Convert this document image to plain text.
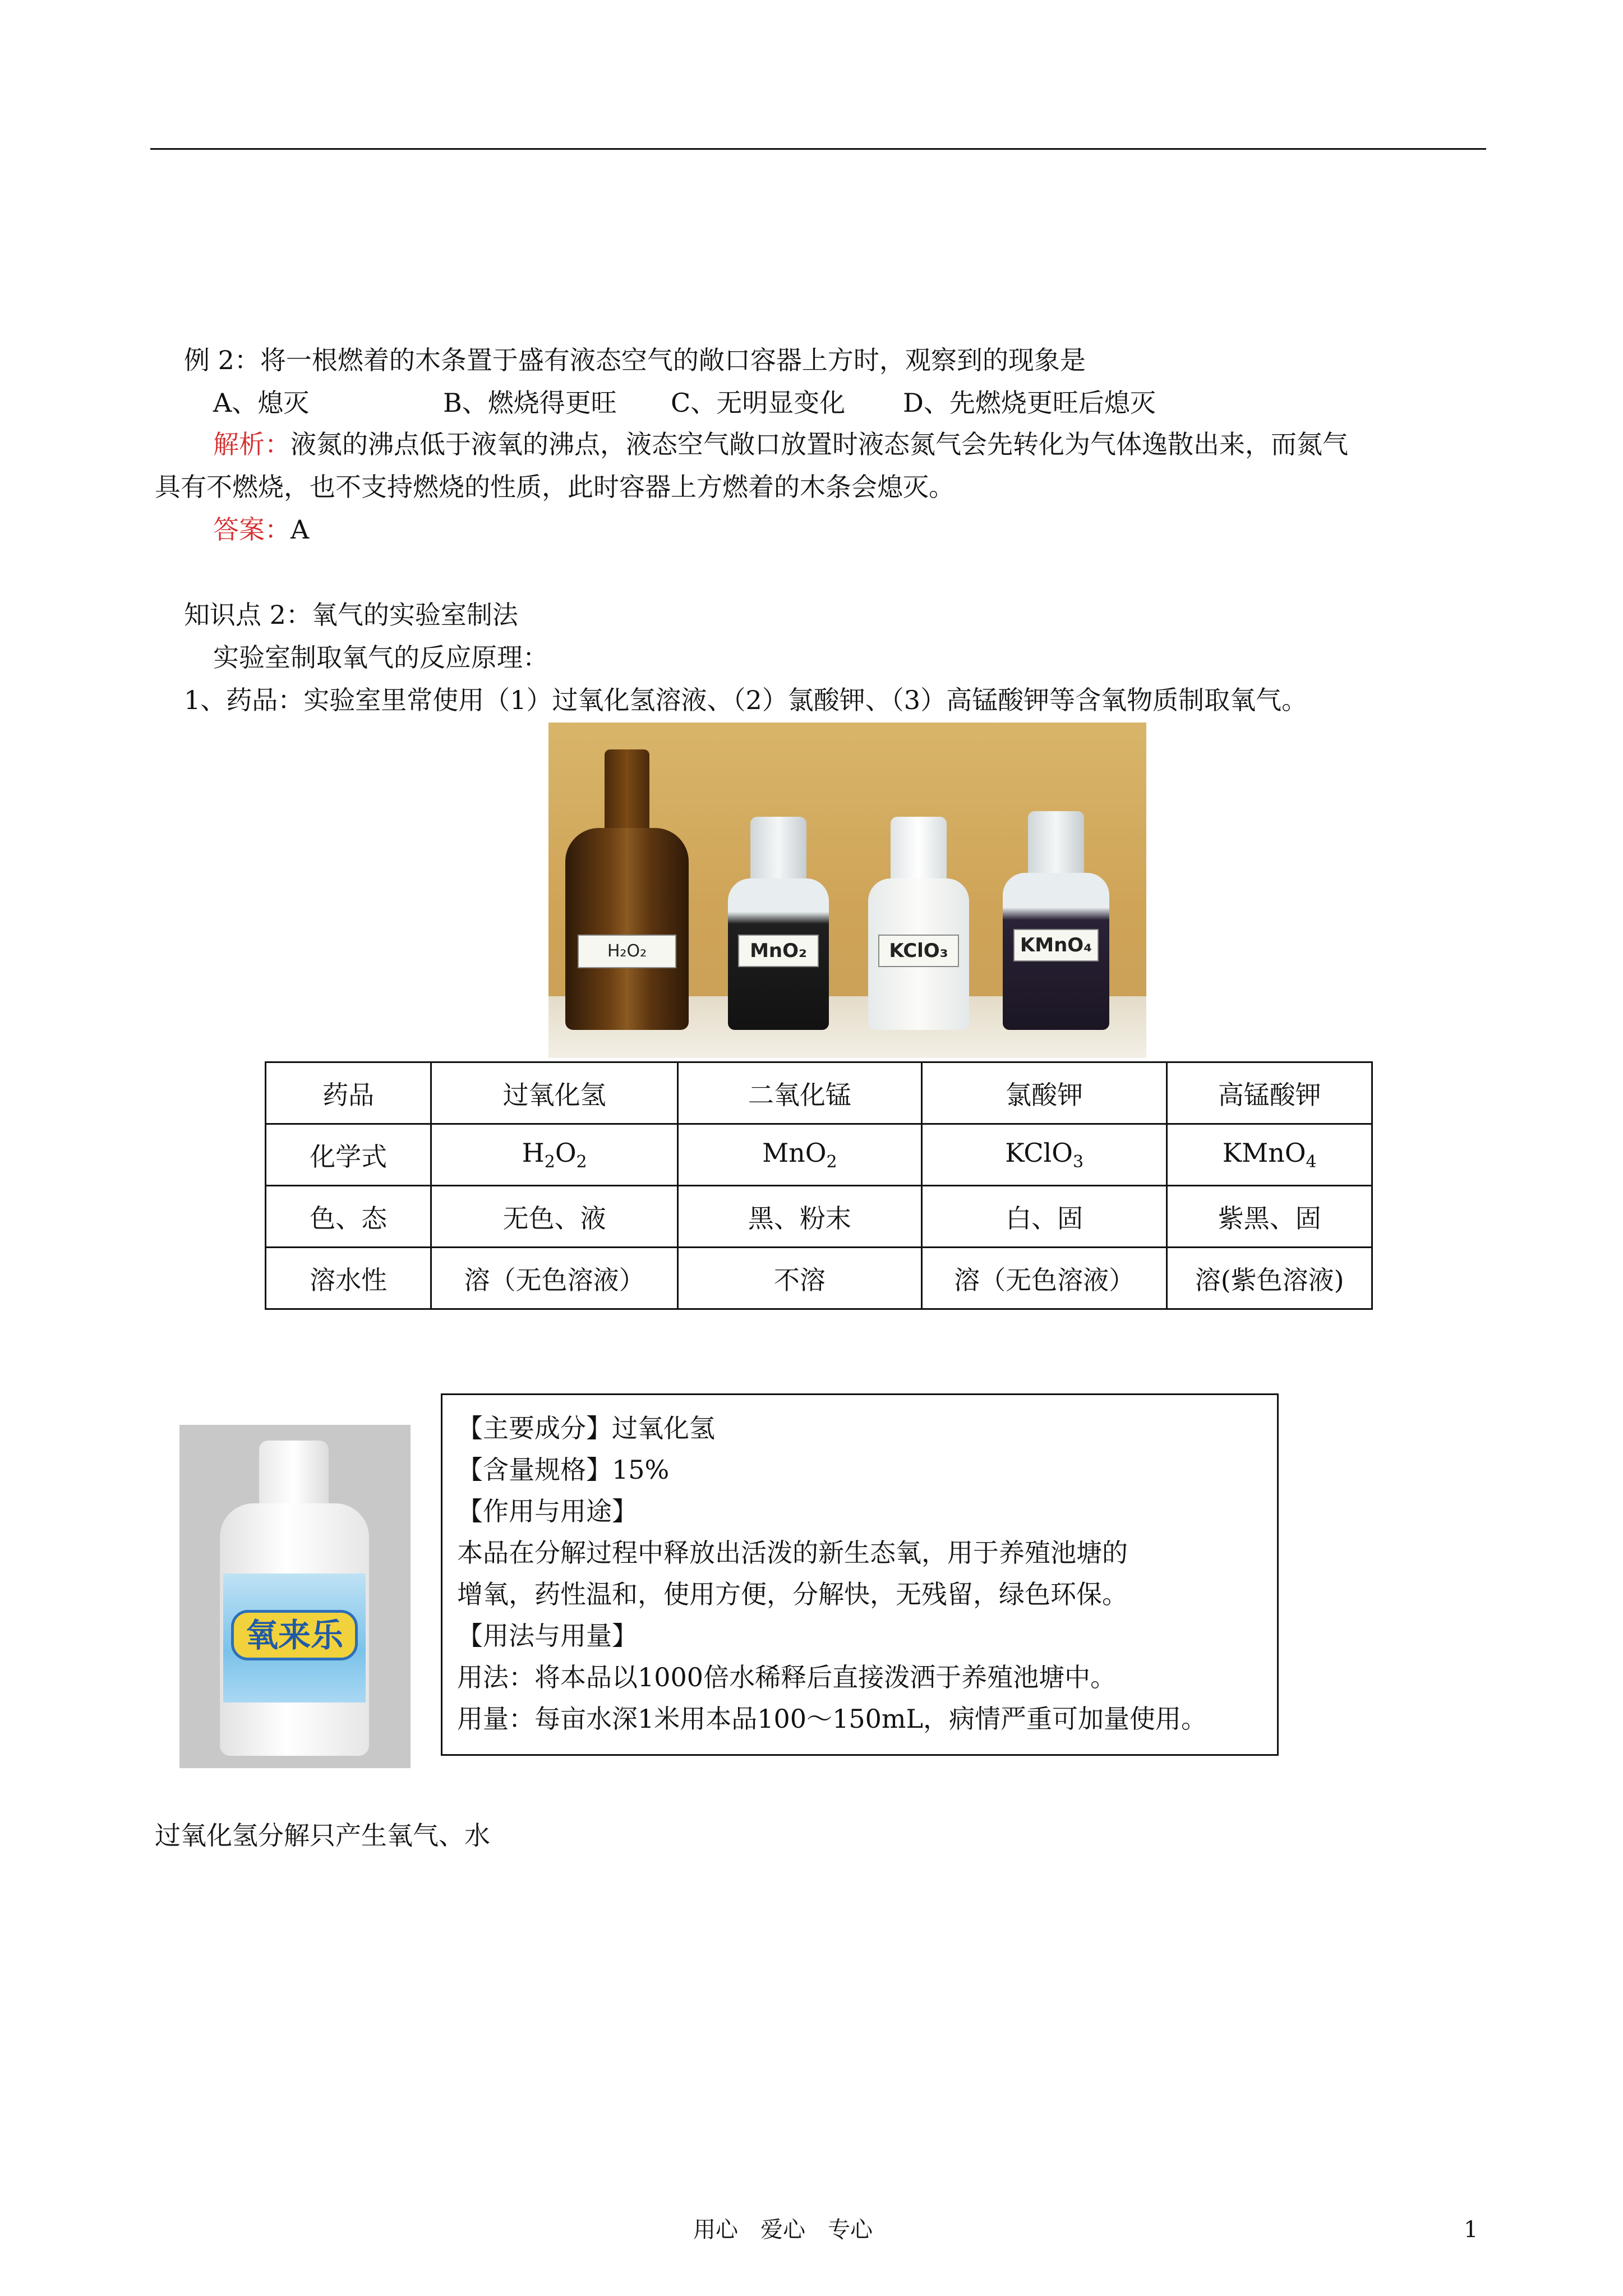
例 2：将一根燃着的木条置于盛有液态空气的敞口容器上方时，观察到的现象是
A、熄灭	B、燃烧得更旺 C、无明显变化 D、先燃烧更旺后熄灭
解析：液氮的沸点低于液氧的沸点，液态空气敞口放置时液态氮气会先转化为气体逸散出来，而氮气
具有不燃烧，也不支持燃烧的性质，此时容器上方燃着的木条会熄灭。
答案：A
知识点 2：氧气的实验室制法
实验室制取氧气的反应原理：
1、药品：实验室里常使用（1）过氧化氢溶液、（2）氯酸钾、（3）高锰酸钾等含氧物质制取氧气。
H₂O₂	MnO₂	KClO₃	KMnO₄
药品	过氧化氢	二氧化锰	氯酸钾	高锰酸钾
化学式	$H_2O_2$	MnO$_2$	KClO$_3$	KMnO$_4$
色、态	无色、液	黑、粉末	白、固	紫黑、固
溶水性	溶（无色溶液）	不溶	溶（无色溶液）	溶(紫色溶液)
氧来乐
【主要成分】过氧化氢
【含量规格】15%
【作用与用途】
本品在分解过程中释放出活泼的新生态氧，用于养殖池塘的
增氧，药性温和，使用方便，分解快，无残留，绿色环保。
【用法与用量】
用法：将本品以1000倍水稀释后直接泼洒于养殖池塘中。
用量：每亩水深1米用本品100～150mL，病情严重可加量使用。
过氧化氢分解只产生氧气、水
用心　爱心　专心	1
